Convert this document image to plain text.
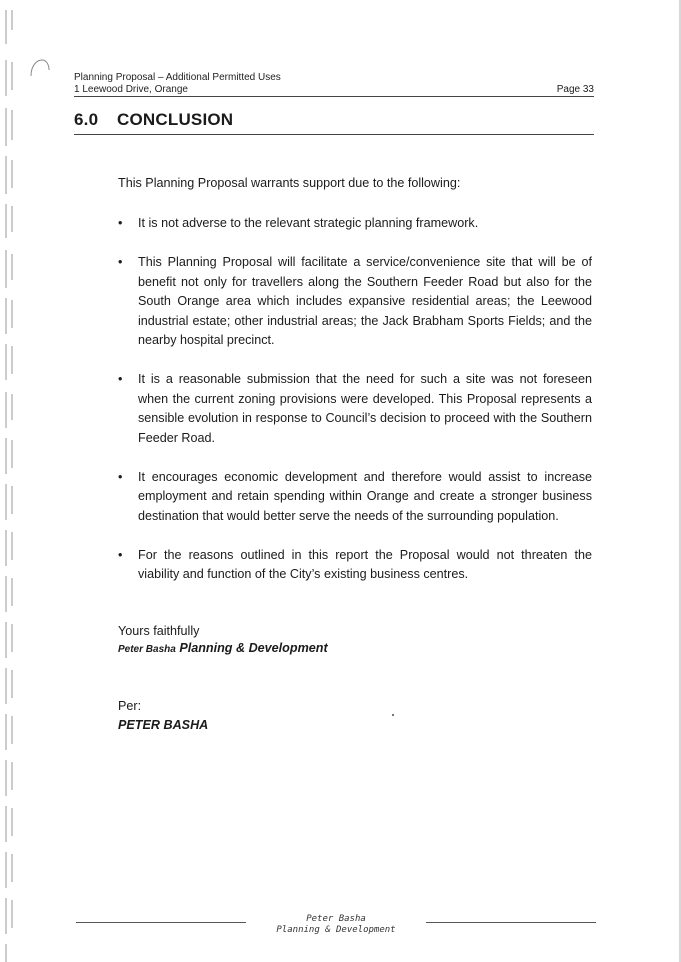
Planning Proposal – Additional Permitted Uses
1 Leewood Drive, Orange	Page 33
6.0 CONCLUSION
This Planning Proposal warrants support due to the following:
• It is not adverse to the relevant strategic planning framework.
• This Planning Proposal will facilitate a service/convenience site that will be of benefit not only for travellers along the Southern Feeder Road but also for the South Orange area which includes expansive residential areas; the Leewood industrial estate; other industrial areas; the Jack Brabham Sports Fields; and the nearby hospital precinct.
• It is a reasonable submission that the need for such a site was not foreseen when the current zoning provisions were developed. This Proposal represents a sensible evolution in response to Council’s decision to proceed with the Southern Feeder Road.
• It encourages economic development and therefore would assist to increase employment and retain spending within Orange and create a stronger business destination that would better serve the needs of the surrounding population.
• For the reasons outlined in this report the Proposal would not threaten the viability and function of the City’s existing business centres.
Yours faithfully
Peter Basha Planning & Development
Per:
PETER BASHA
Peter Basha
Planning & Development
